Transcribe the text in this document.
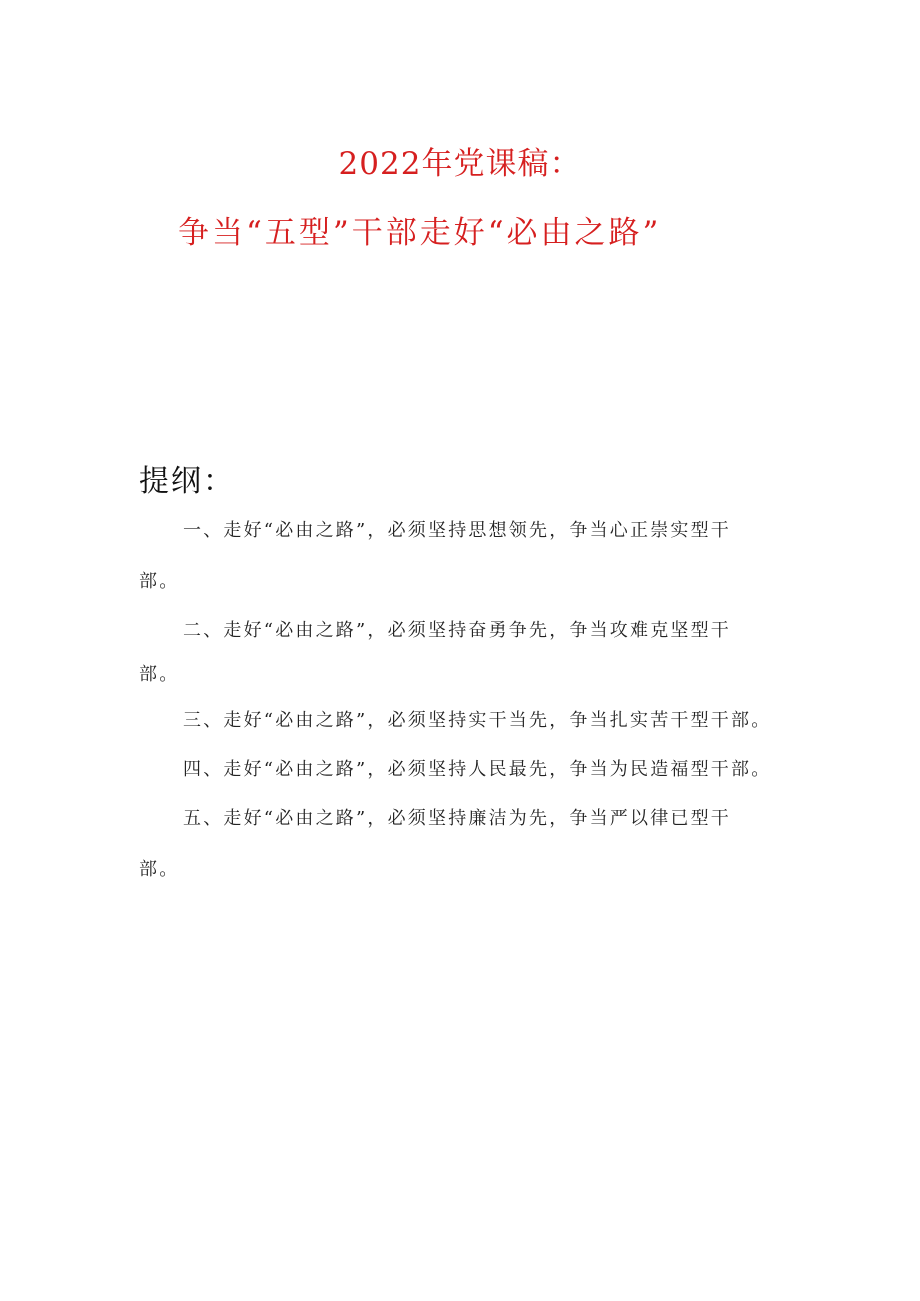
2022年党课稿：
争当“五型”干部走好“必由之路”
提纲：
一、走好“必由之路”，必须坚持思想领先，争当心正崇实型干
部。
二、走好“必由之路”，必须坚持奋勇争先，争当攻难克坚型干
部。
三、走好“必由之路”，必须坚持实干当先，争当扎实苦干型干部。
四、走好“必由之路”，必须坚持人民最先，争当为民造福型干部。
五、走好“必由之路”，必须坚持廉洁为先，争当严以律已型干
部。
